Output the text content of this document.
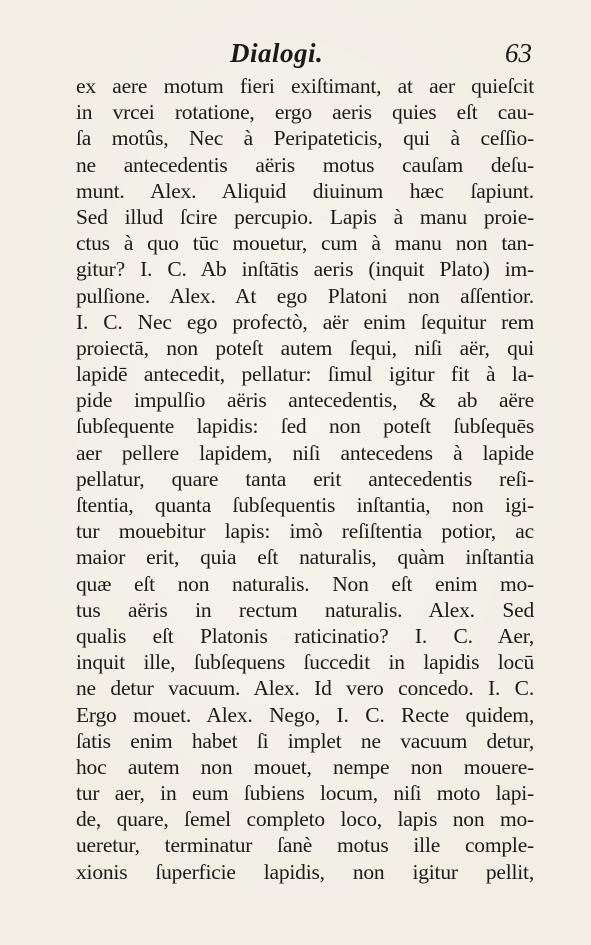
Dialogi.	63
ex aere motum fieri exiſtimant, at aer quieſcit
in vrcei rotatione, ergo aeris quies eſt cau-
ſa motûs, Nec à Peripateticis, qui à ceſſio-
ne antecedentis aëris motus cauſam deſu-
munt. Alex. Aliquid diuinum hæc ſapiunt.
Sed illud ſcire percupio. Lapis à manu proie-
ctus à quo tūc mouetur, cum à manu non tan-
gitur? I. C. Ab inſtātis aeris (inquit Plato) im-
pulſione. Alex. At ego Platoni non aſſentior.
I. C. Nec ego profectò, aër enim ſequitur rem
proiectā, non poteſt autem ſequi, niſi aër, qui
lapidē antecedit, pellatur: ſimul igitur fit à la-
pide impulſio aëris antecedentis, & ab aëre
ſubſequente lapidis: ſed non poteſt ſubſequēs
aer pellere lapidem, niſi antecedens à lapide
pellatur, quare tanta erit antecedentis reſi-
ſtentia, quanta ſubſequentis inſtantia, non igi-
tur mouebitur lapis: imò reſiſtentia potior, ac
maior erit, quia eſt naturalis, quàm inſtantia
quæ eſt non naturalis. Non eſt enim mo-
tus aëris in rectum naturalis. Alex. Sed
qualis eſt Platonis raticinatio? I. C. Aer,
inquit ille, ſubſequens ſuccedit in lapidis locū
ne detur vacuum. Alex. Id vero concedo. I. C.
Ergo mouet. Alex. Nego, I. C. Recte quidem,
ſatis enim habet ſi implet ne vacuum detur,
hoc autem non mouet, nempe non mouere-
tur aer, in eum ſubiens locum, niſi moto lapi-
de, quare, ſemel completo loco, lapis non mo-
ueretur, terminatur ſanè motus ille comple-
xionis ſuperficie lapidis, non igitur pellit,
